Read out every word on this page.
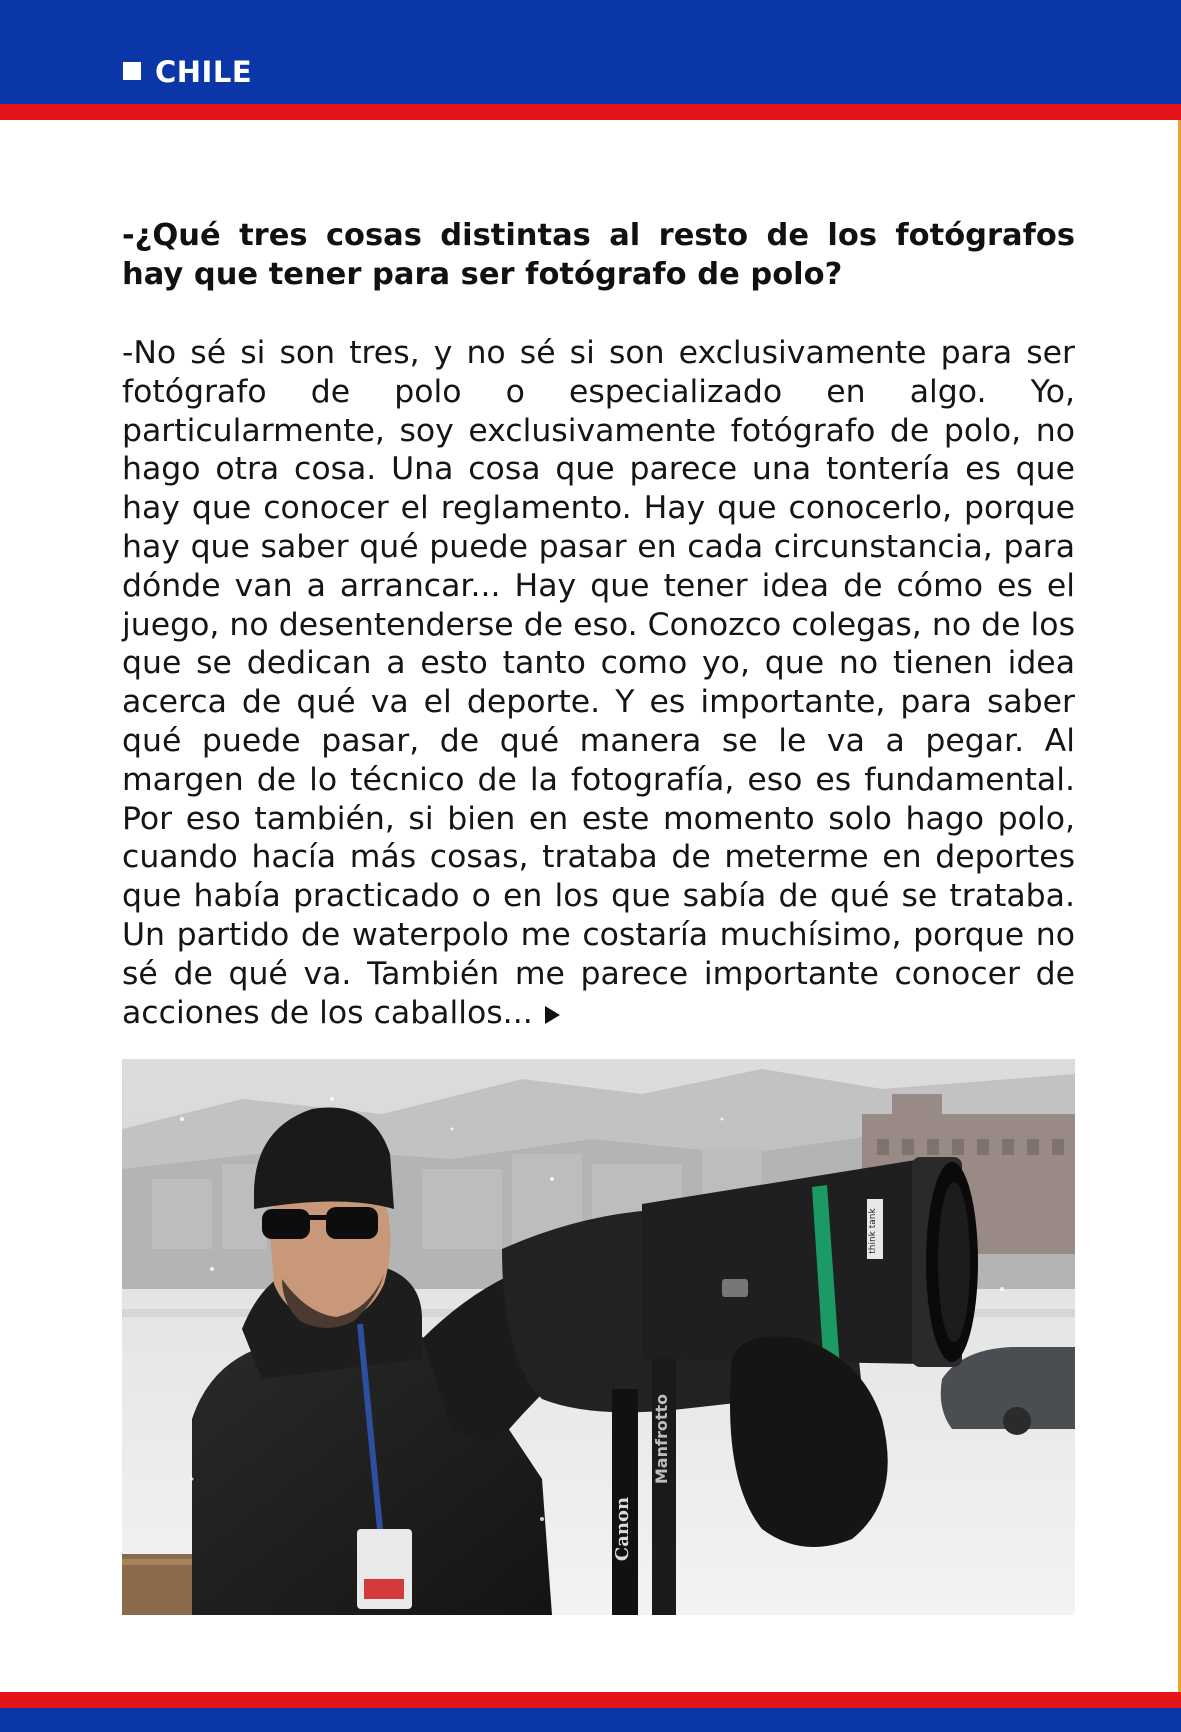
CHILE

-¿Qué tres cosas distintas al resto de los fotógrafos hay que tener para ser fotógrafo de polo?

-No sé si son tres, y no sé si son exclusivamente para ser fotógrafo de polo o especializado en algo. Yo, particularmente, soy exclusivamente fotógrafo de polo, no hago otra cosa. Una cosa que parece una tontería es que hay que conocer el reglamento. Hay que conocerlo, porque hay que saber qué puede pasar en cada circunstancia, para dónde van a arrancar... Hay que tener idea de cómo es el juego, no desentenderse de eso. Conozco colegas, no de los que se dedican a esto tanto como yo, que no tienen idea acerca de qué va el deporte. Y es importante, para saber qué puede pasar, de qué manera se le va a pegar. Al margen de lo técnico de la fotografía, eso es fundamental. Por eso también, si bien en este momento solo hago polo, cuando hacía más cosas, trataba de meterme en deportes que había practicado o en los que sabía de qué se trataba. Un partido de waterpolo me costaría muchísimo, porque no sé de qué va. También me parece importante conocer de acciones de los caballos...

think tank
Manfrotto
Canon
